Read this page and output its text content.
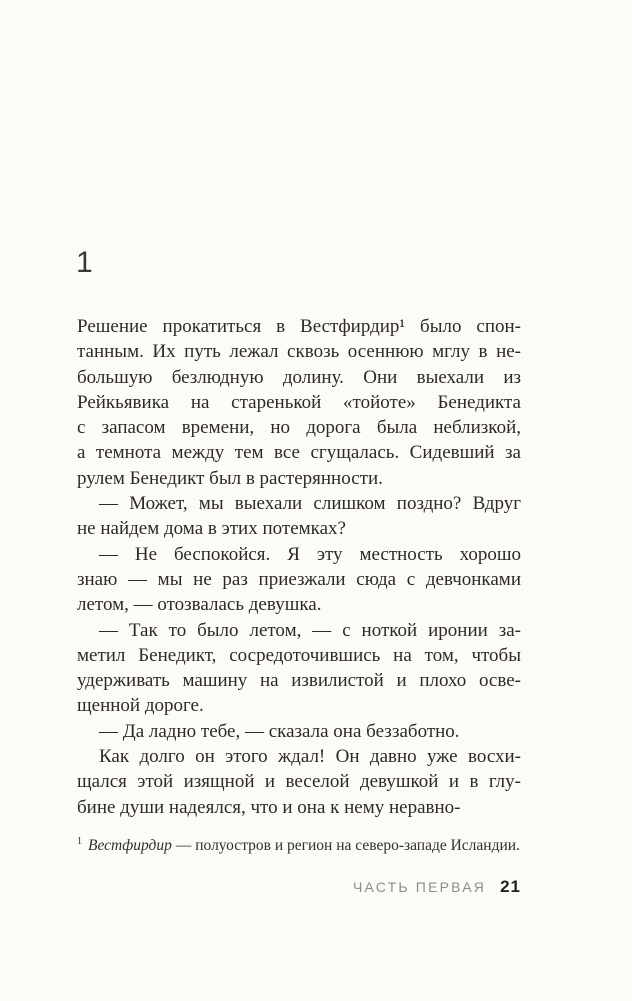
1
Решение прокатиться в Вестфирдир¹ было спон-
танным. Их путь лежал сквозь осеннюю мглу в не-
большую безлюдную долину. Они выехали из
Рейкьявика на старенькой «тойоте» Бенедикта
с запасом времени, но дорога была неблизкой,
а темнота между тем все сгущалась. Сидевший за
рулем Бенедикт был в растерянности.
— Может, мы выехали слишком поздно? Вдруг
не найдем дома в этих потемках?
— Не беспокойся. Я эту местность хорошо
знаю — мы не раз приезжали сюда с девчонками
летом, — отозвалась девушка.
— Так то было летом, — с ноткой иронии за-
метил Бенедикт, сосредоточившись на том, чтобы
удерживать машину на извилистой и плохо осве-
щенной дороге.
— Да ладно тебе, — сказала она беззаботно.
Как долго он этого ждал! Он давно уже восхи-
щался этой изящной и веселой девушкой и в глу-
бине души надеялся, что и она к нему неравно-
$^1$ Вестфирдир — полуостров и регион на северо-западе Исландии.
ЧАСТЬ ПЕРВАЯ 21
